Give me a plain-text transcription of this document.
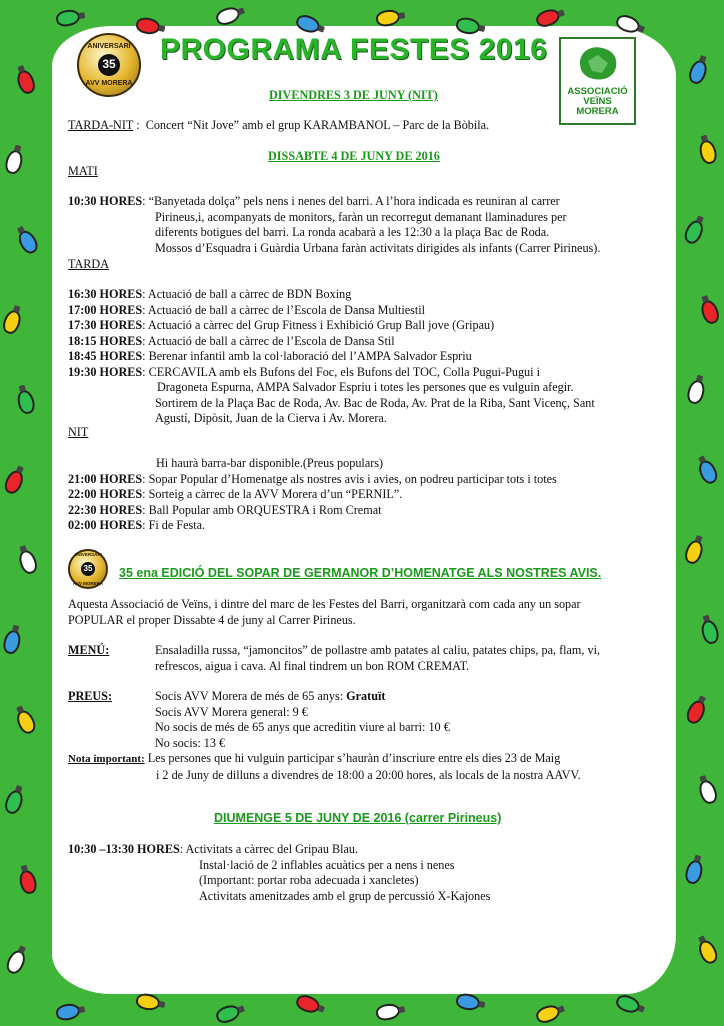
ANIVERSARI
35
AVV MORERA
PROGRAMA FESTES 2016
ASSOCIACIÓ
VEÏNS
MORERA
DIVENDRES 3 DE JUNY (NIT)
TARDA-NIT : Concert “Nit Jove” amb el grup KARAMBANOL – Parc de la Bòbila.
DISSABTE 4 DE JUNY DE 2016
MATI
10:30 HORES: “Banyetada dolça” pels nens i nenes del barri. A l’hora indicada es reuniran al carrer
Pirineus,i, acompanyats de monitors, faràn un recorregut demanant llaminadures per
diferents botigues del barri. La ronda acabarà a les 12:30 a la plaça Bac de Roda.
Mossos d’Esquadra i Guàrdia Urbana faràn activitats dirigides als infants (Carrer Pirineus).
TARDA
16:30 HORES: Actuació de ball a càrrec de BDN Boxing
17:00 HORES: Actuació de ball a càrrec de l’Escola de Dansa Multiestil
17:30 HORES: Actuació a càrrec del Grup Fitness i Exhibició Grup Ball jove (Gripau)
18:15 HORES: Actuació de ball a càrrec de l’Escola de Dansa Stil
18:45 HORES: Berenar infantil amb la col·laboració del l’AMPA Salvador Espriu
19:30 HORES: CERCAVILA amb els Bufons del Foc, els Bufons del TOC, Colla Pugui-Pugui i
Dragoneta Espurna, AMPA Salvador Espriu i totes les persones que es vulguin afegir.
Sortirem de la Plaça Bac de Roda, Av. Bac de Roda, Av. Prat de la Riba, Sant Vicenç, Sant
Agustí, Dipòsit, Juan de la Cierva i Av. Morera.
NIT
Hi haurà barra-bar disponible.(Preus populars)
21:00 HORES: Sopar Popular d’Homenatge als nostres avis i avies, on podreu participar tots i totes
22:00 HORES: Sorteig a càrrec de la AVV Morera d’un “PERNIL”.
22:30 HORES: Ball Popular amb ORQUESTRA i Rom Cremat
02:00 HORES: Fi de Festa.
ANIVERSARI
35
AVV MORERA
35 ena EDICIÓ DEL SOPAR DE GERMANOR D’HOMENATGE ALS NOSTRES AVIS.
Aquesta Associació de Veïns, i dintre del marc de les Festes del Barri, organitzarà com cada any un sopar
POPULAR el proper Dissabte 4 de juny al Carrer Pirineus.
MENÚ:	Ensaladilla russa, “jamoncitos” de pollastre amb patates al caliu, patates chips, pa, flam, vi,
refrescos, aigua i cava. Al final tindrem un bon ROM CREMAT.
PREUS:	Socis AVV Morera de més de 65 anys: Gratuït
Socis AVV Morera general: 9 €
No socis de més de 65 anys que acreditin viure al barri: 10 €
No socis: 13 €
Nota important: Les persones que hi vulguin participar s’hauràn d’inscriure entre els dies 23 de Maig
i 2 de Juny de dilluns a divendres de 18:00 a 20:00 hores, als locals de la nostra AAVV.
DIUMENGE 5 DE JUNY DE 2016 (carrer Pirineus)
10:30 –13:30 HORES: Activitats a càrrec del Gripau Blau.
Instal·lació de 2 inflables acuàtics per a nens i nenes
(Important: portar roba adecuada i xancletes)
Activitats amenitzades amb el grup de percussió X-Kajones
